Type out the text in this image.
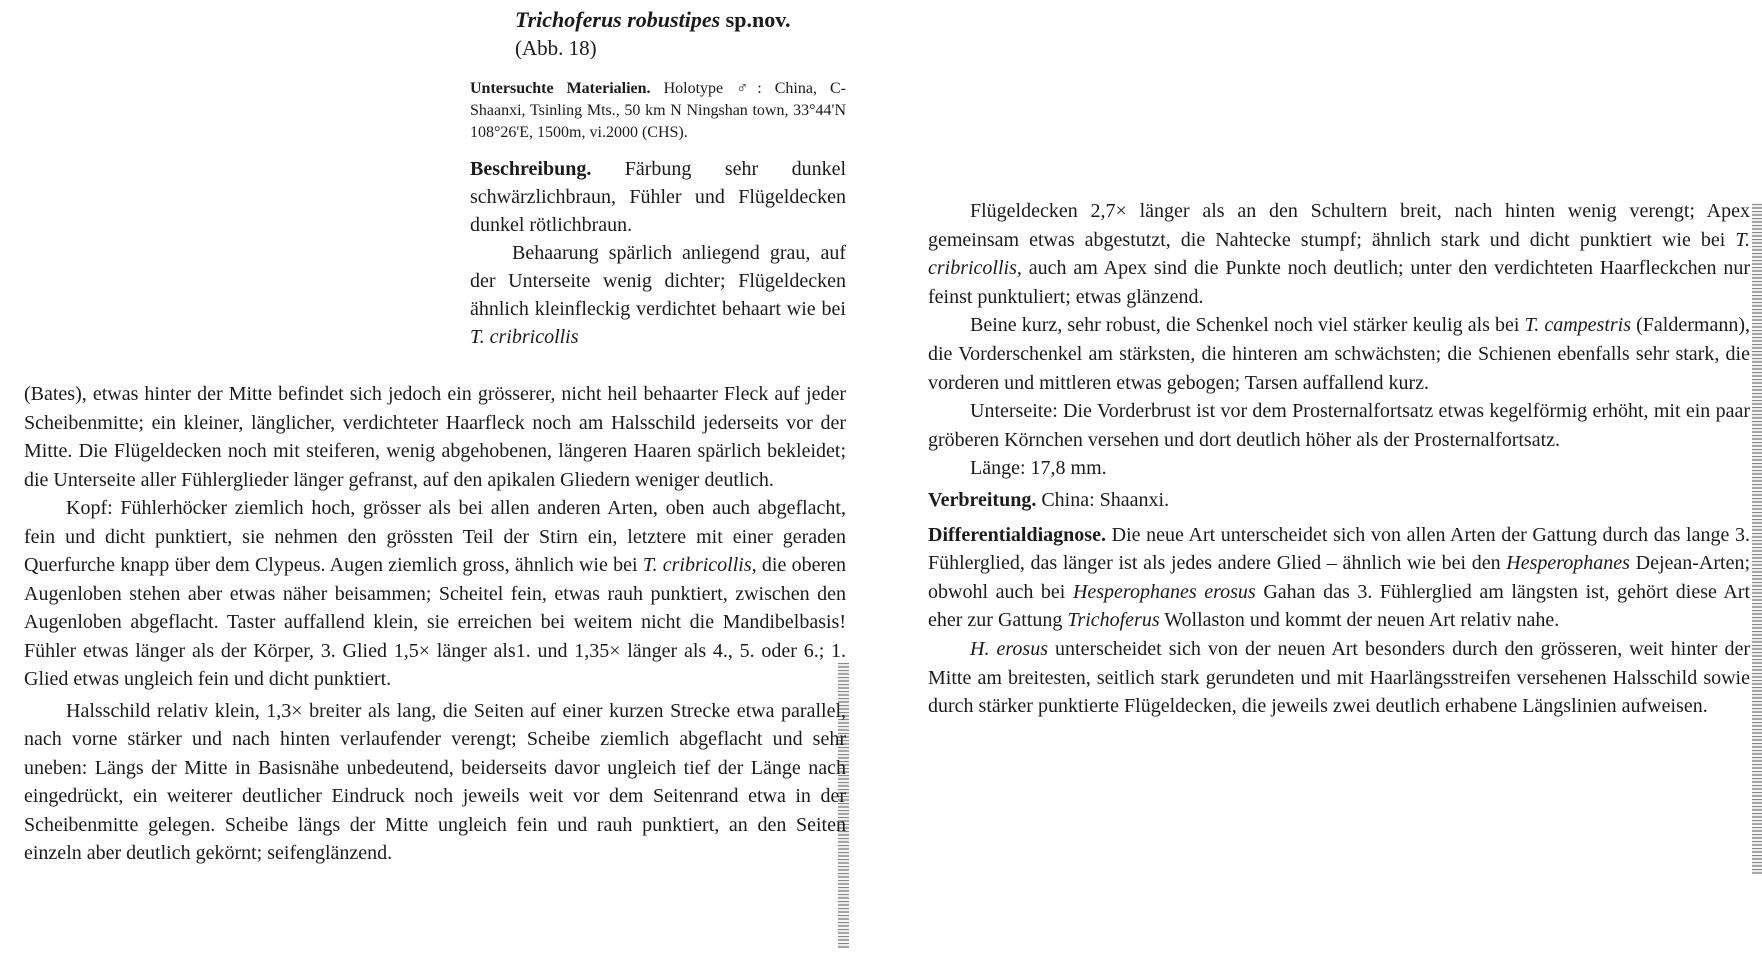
Trichoferus robustipes sp.nov.

(Abb. 18)

Untersuchte Materialien. Holotype ♂: China, C-Shaanxi, Tsinling Mts., 50 km N Ningshan town, 33°44'N 108°26'E, 1500m, vi.2000 (CHS).

Beschreibung. Färbung sehr dunkel schwärzlichbraun, Fühler und Flügeldecken dunkel rötlichbraun.

Behaarung spärlich anliegend grau, auf der Unterseite wenig dichter; Flügeldecken ähnlich kleinfleckig verdichtet behaart wie bei T. cribricollis

(Bates), etwas hinter der Mitte befindet sich jedoch ein grösserer, nicht heil behaarter Fleck auf jeder Scheibenmitte; ein kleiner, länglicher, verdichteter Haarfleck noch am Halsschild jederseits vor der Mitte. Die Flügeldecken noch mit steiferen, wenig abgehobenen, längeren Haaren spärlich bekleidet; die Unterseite aller Fühlerglieder länger gefranst, auf den apikalen Gliedern weniger deutlich.

Kopf: Fühlerhöcker ziemlich hoch, grösser als bei allen anderen Arten, oben auch abgeflacht, fein und dicht punktiert, sie nehmen den grössten Teil der Stirn ein, letztere mit einer geraden Querfurche knapp über dem Clypeus. Augen ziemlich gross, ähnlich wie bei T. cribricollis, die oberen Augenloben stehen aber etwas näher beisammen; Scheitel fein, etwas rauh punktiert, zwischen den Augenloben abgeflacht. Taster auffallend klein, sie erreichen bei weitem nicht die Mandibelbasis! Fühler etwas länger als der Körper, 3. Glied 1,5× länger als1. und 1,35× länger als 4., 5. oder 6.; 1. Glied etwas ungleich fein und dicht punktiert.

Halsschild relativ klein, 1,3× breiter als lang, die Seiten auf einer kurzen Strecke etwa parallel, nach vorne stärker und nach hinten verlaufender verengt; Scheibe ziemlich abgeflacht und sehr uneben: Längs der Mitte in Basisnähe unbedeutend, beiderseits davor ungleich tief der Länge nach eingedrückt, ein weiterer deutlicher Eindruck noch jeweils weit vor dem Seitenrand etwa in der Scheibenmitte gelegen. Scheibe längs der Mitte ungleich fein und rauh punktiert, an den Seiten einzeln aber deutlich gekörnt; seifenglänzend.

Flügeldecken 2,7× länger als an den Schultern breit, nach hinten wenig verengt; Apex gemeinsam etwas abgestutzt, die Nahtecke stumpf; ähnlich stark und dicht punktiert wie bei T. cribricollis, auch am Apex sind die Punkte noch deutlich; unter den verdichteten Haarfleckchen nur feinst punktuliert; etwas glänzend.

Beine kurz, sehr robust, die Schenkel noch viel stärker keulig als bei T. campestris (Faldermann), die Vorderschenkel am stärksten, die hinteren am schwächsten; die Schienen ebenfalls sehr stark, die vorderen und mittleren etwas gebogen; Tarsen auffallend kurz.

Unterseite: Die Vorderbrust ist vor dem Prosternalfortsatz etwas kegelförmig erhöht, mit ein paar gröberen Körnchen versehen und dort deutlich höher als der Prosternalfortsatz.

Länge: 17,8 mm.

Verbreitung. China: Shaanxi.

Differentialdiagnose. Die neue Art unterscheidet sich von allen Arten der Gattung durch das lange 3. Fühlerglied, das länger ist als jedes andere Glied – ähnlich wie bei den Hesperophanes Dejean-Arten; obwohl auch bei Hesperophanes erosus Gahan das 3. Fühlerglied am längsten ist, gehört diese Art eher zur Gattung Trichoferus Wollaston und kommt der neuen Art relativ nahe.

H. erosus unterscheidet sich von der neuen Art besonders durch den grösseren, weit hinter der Mitte am breitesten, seitlich stark gerundeten und mit Haarlängsstreifen versehenen Halsschild sowie durch stärker punktierte Flügeldecken, die jeweils zwei deutlich erhabene Längslinien aufweisen.
